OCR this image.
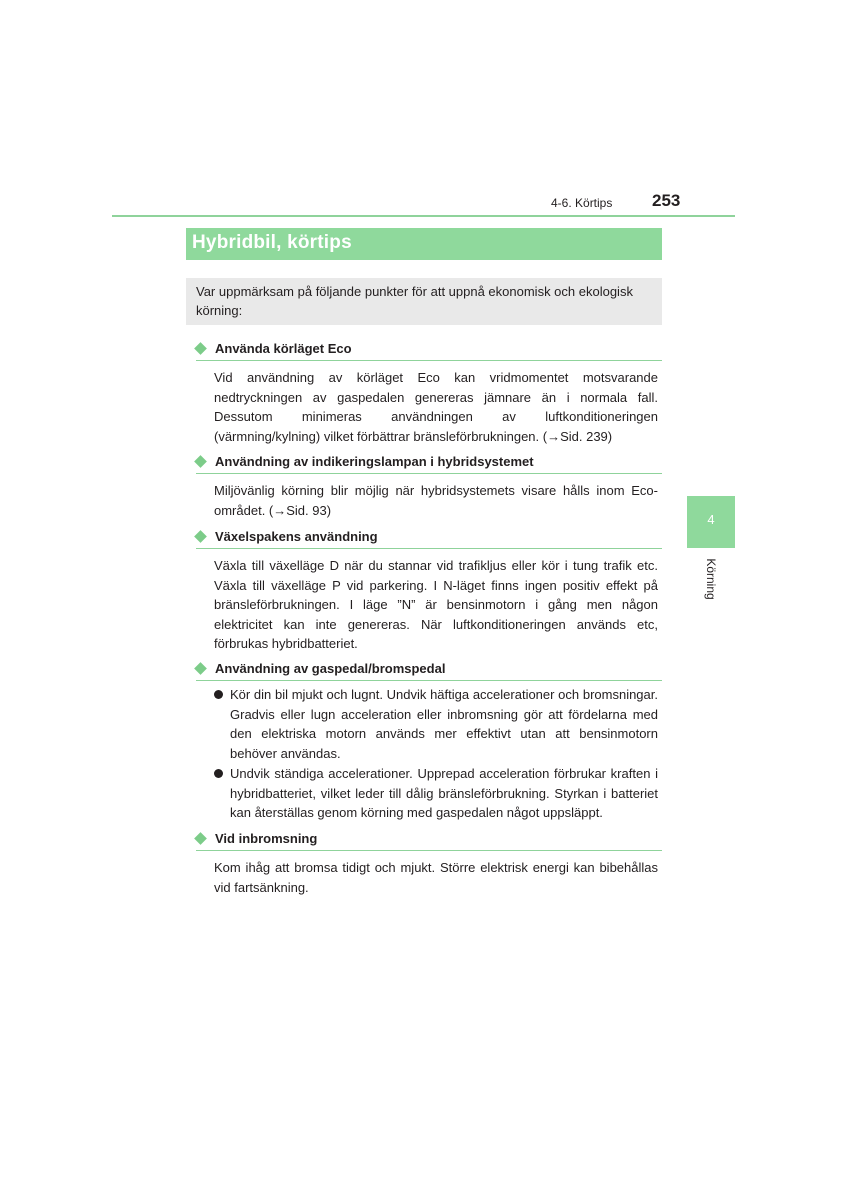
4-6. Körtips 253
Hybridbil, körtips
Var uppmärksam på följande punkter för att uppnå ekonomisk och ekologisk körning:
Använda körläget Eco
Vid användning av körläget Eco kan vridmomentet motsvarande nedtryckningen av gaspedalen genereras jämnare än i normala fall. Dessutom minimeras användningen av luftkonditioneringen (värmning/kylning) vilket förbättrar bränsleförbrukningen. (→Sid. 239)
Användning av indikeringslampan i hybridsystemet
Miljövänlig körning blir möjlig när hybridsystemets visare hålls inom Eco-området. (→Sid. 93)
Växelspakens användning
Växla till växelläge D när du stannar vid trafikljus eller kör i tung trafik etc. Växla till växelläge P vid parkering. I N-läget finns ingen positiv effekt på bränsleförbrukningen. I läge ”N” är bensinmotorn i gång men någon elektricitet kan inte genereras. När luftkonditioneringen används etc, förbrukas hybridbatteriet.
Användning av gaspedal/bromspedal
Kör din bil mjukt och lugnt. Undvik häftiga accelerationer och bromsningar. Gradvis eller lugn acceleration eller inbromsning gör att fördelarna med den elektriska motorn används mer effektivt utan att bensinmotorn behöver användas.
Undvik ständiga accelerationer. Upprepad acceleration förbrukar kraften i hybridbatteriet, vilket leder till dålig bränsleförbrukning. Styrkan i batteriet kan återställas genom körning med gaspedalen något uppsläppt.
Vid inbromsning
Kom ihåg att bromsa tidigt och mjukt. Större elektrisk energi kan bibehållas vid fartsänkning.
4
Körning
